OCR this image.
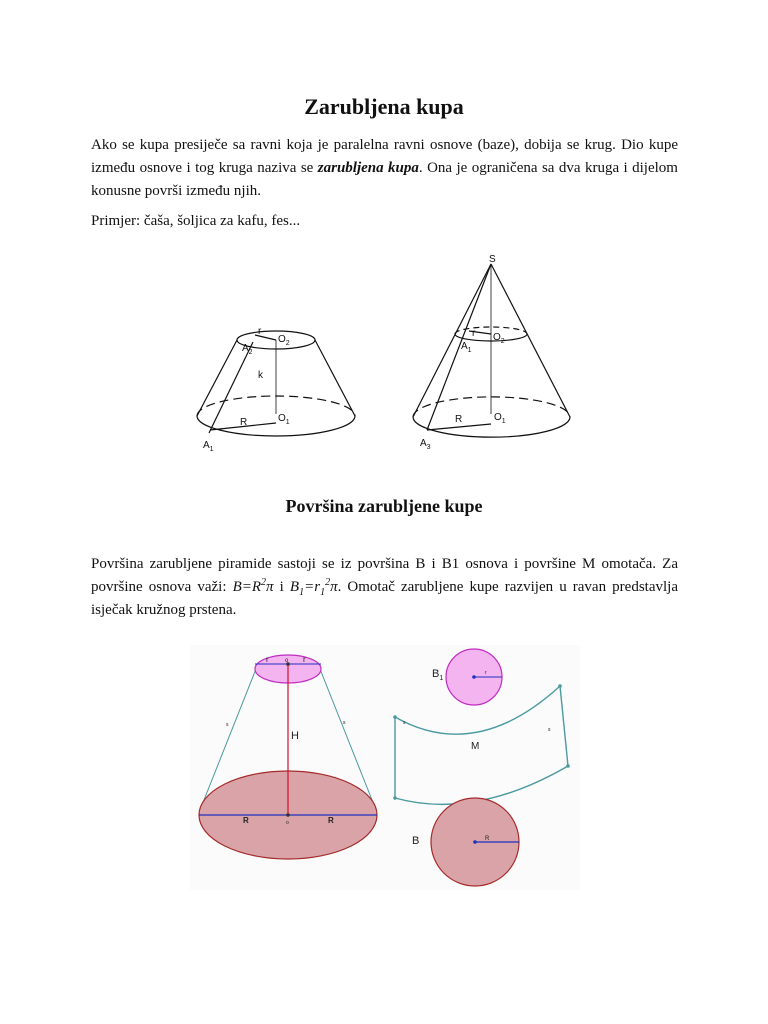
Zarubljena kupa

Ako se kupa presiječe sa ravni koja je paralelna ravni osnove (baze), dobija se krug. Dio kupe između osnove i tog kruga naziva se zarubljena kupa. Ona je ograničena sa dva kruga i dijelom konusne površi između njih.

Primjer: čaša, šoljica za kafu, fes...

r
$O_2$
$A_2$
k
R	$O_1$
$A_1$
S
r $O_2$
$A_1$
R	$O_1$
$A_3$
Površina zarubljene kupe

Površina zarubljene piramide sastoji se iz površina B i B1 osnova i površine M omotača. Za površine osnova važi: $B=R^2\pi$ i $B_1=r_1^2\pi$. Omotač zarubljene kupe razvijen u ravan predstavlja isječak kružnog prstena.

r	o r
s	s
H
R	o	R
$B_1$
r
s
s
M
B	R
